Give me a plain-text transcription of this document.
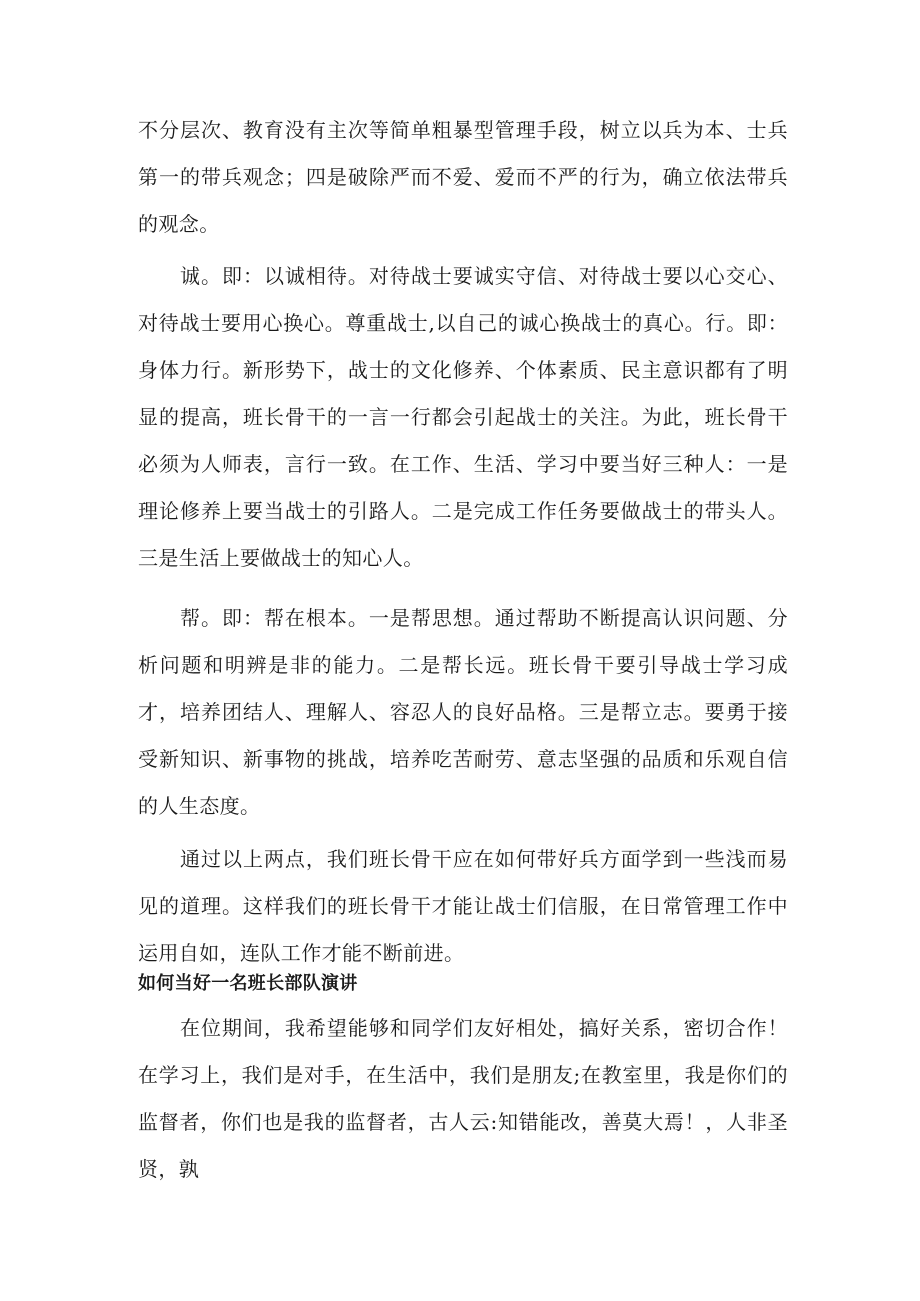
不分层次、教育没有主次等简单粗暴型管理手段，树立以兵为本、士兵第一的带兵观念；四是破除严而不爱、爱而不严的行为，确立依法带兵的观念。

诚。即：以诚相待。对待战士要诚实守信、对待战士要以心交心、对待战士要用心换心。尊重战士,以自己的诚心换战士的真心。行。即：身体力行。新形势下，战士的文化修养、个体素质、民主意识都有了明显的提高，班长骨干的一言一行都会引起战士的关注。为此，班长骨干必须为人师表，言行一致。在工作、生活、学习中要当好三种人：一是理论修养上要当战士的引路人。二是完成工作任务要做战士的带头人。三是生活上要做战士的知心人。

帮。即：帮在根本。一是帮思想。通过帮助不断提高认识问题、分析问题和明辨是非的能力。二是帮长远。班长骨干要引导战士学习成才，培养团结人、理解人、容忍人的良好品格。三是帮立志。要勇于接受新知识、新事物的挑战，培养吃苦耐劳、意志坚强的品质和乐观自信的人生态度。

通过以上两点，我们班长骨干应在如何带好兵方面学到一些浅而易见的道理。这样我们的班长骨干才能让战士们信服，在日常管理工作中运用自如，连队工作才能不断前进。

如何当好一名班长部队演讲

在位期间，我希望能够和同学们友好相处，搞好关系，密切合作！在学习上，我们是对手，在生活中，我们是朋友;在教室里，我是你们的监督者，你们也是我的监督者，古人云:知错能改，善莫大焉！，人非圣贤，孰
